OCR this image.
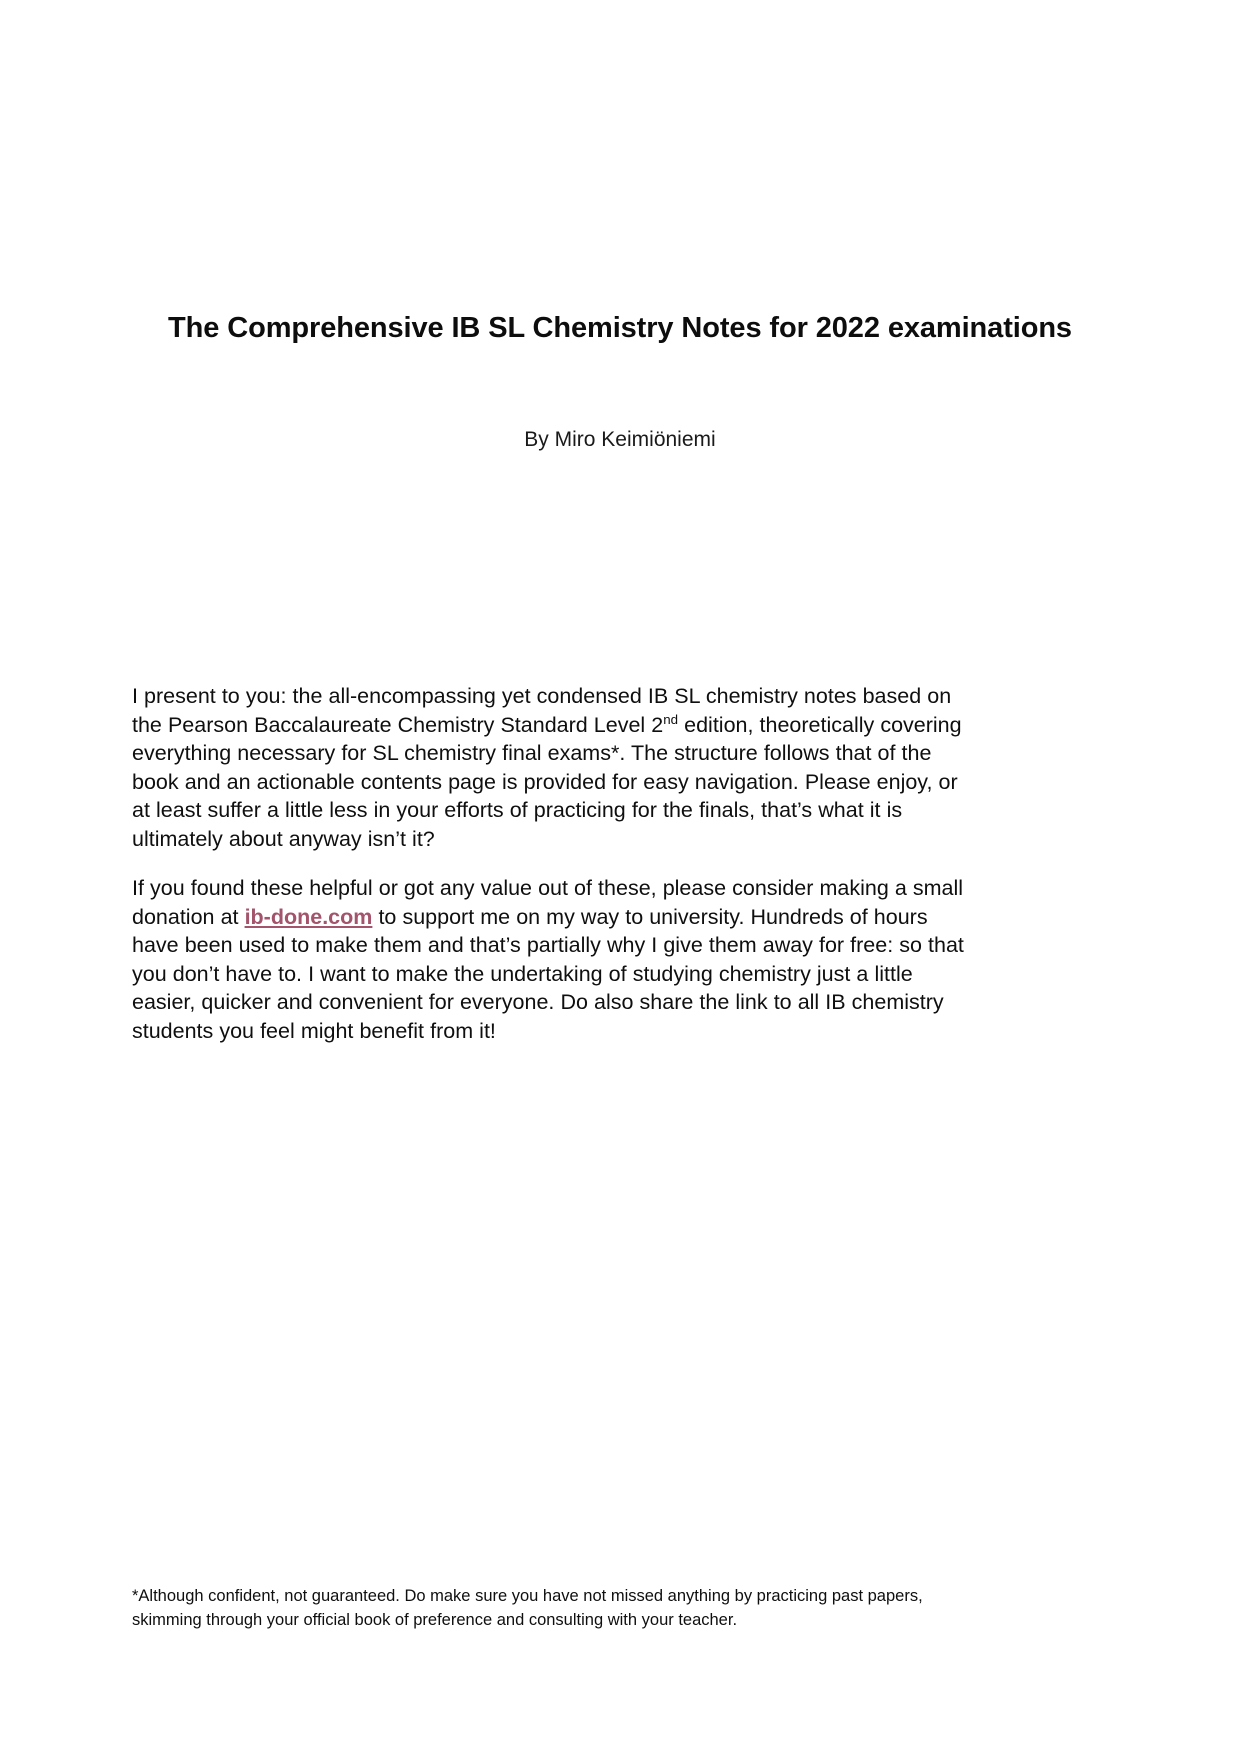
The Comprehensive IB SL Chemistry Notes for 2022 examinations
By Miro Keimiöniemi

I present to you: the all-encompassing yet condensed IB SL chemistry notes based on the Pearson Baccalaureate Chemistry Standard Level 2nd edition, theoretically covering everything necessary for SL chemistry final exams*. The structure follows that of the book and an actionable contents page is provided for easy navigation. Please enjoy, or at least suffer a little less in your efforts of practicing for the finals, that’s what it is ultimately about anyway isn’t it?

If you found these helpful or got any value out of these, please consider making a small donation at ib-done.com to support me on my way to university. Hundreds of hours have been used to make them and that’s partially why I give them away for free: so that you don’t have to. I want to make the undertaking of studying chemistry just a little easier, quicker and convenient for everyone. Do also share the link to all IB chemistry students you feel might benefit from it!

*Although confident, not guaranteed. Do make sure you have not missed anything by practicing past papers, skimming through your official book of preference and consulting with your teacher.
